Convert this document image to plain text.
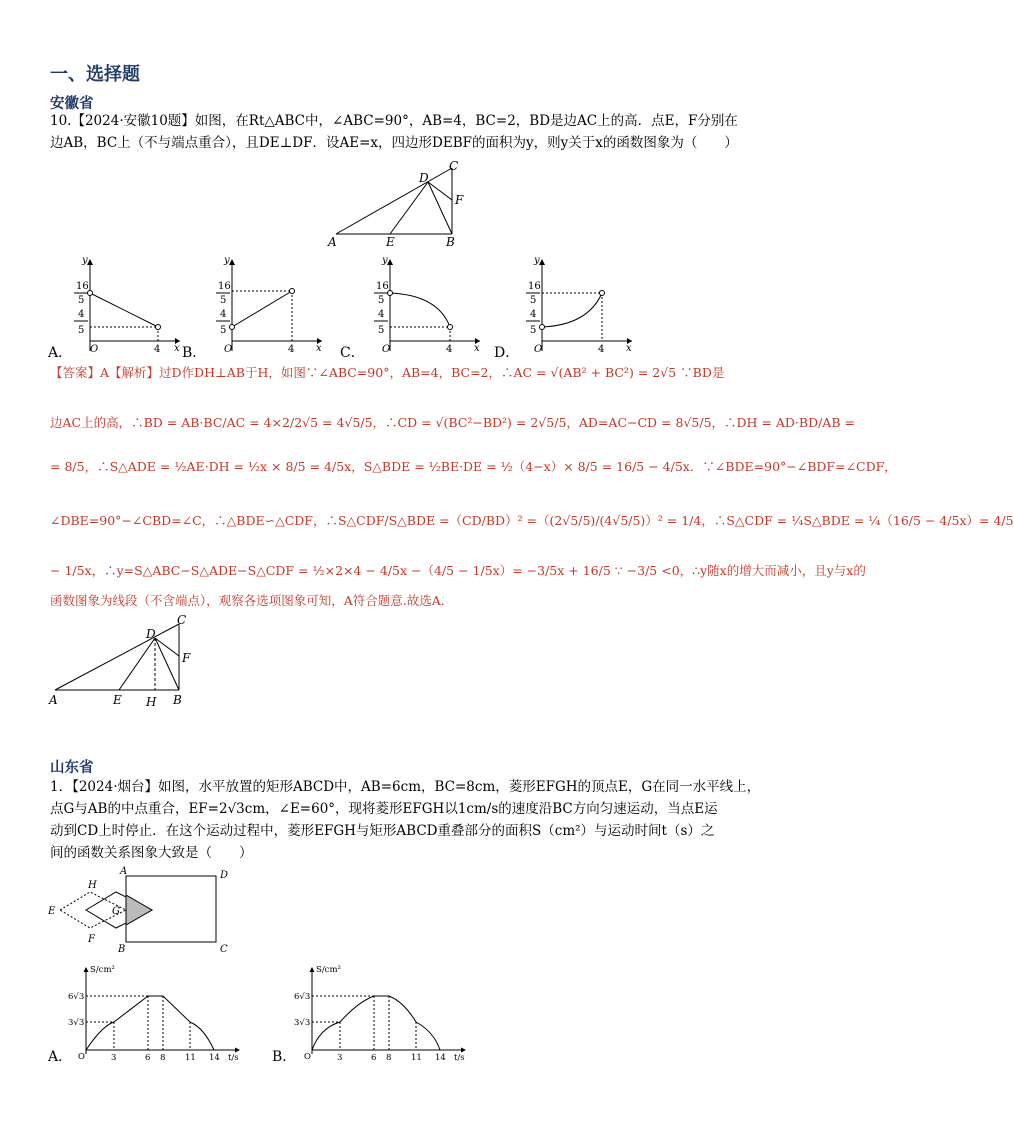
一、选择题
安徽省
10.【2024·安徽10题】如图，在Rt△ABC中，∠ABC=90°，AB=4，BC=2，BD是边AC上的高．点E，F分别在
边AB，BC上（不与端点重合），且DE⊥DF．设AE=x，四边形DEBF的面积为y，则y关于x的函数图象为（　　）
A	E	B
C
D
F
y
16
5
4
5
O	4 x
y
16
5
4
5
O	4 x
y
16
5
4
5
O	4 x
y
16
5
4
5
O	4 x
A．	B．	C．	D．
【答案】A【解析】过D作DH⊥AB于H，如图∵∠ABC=90°，AB=4，BC=2，∴AC = √(AB² + BC²) = 2√5 ∵BD是
边AC上的高，∴BD = AB·BC/AC = 4×2/2√5 = 4√5/5，∴CD = √(BC²−BD²) = 2√5/5，AD=AC−CD = 8√5/5，∴DH = AD·BD/AB =
= 8/5，∴S△ADE = ½AE·DH = ½x × 8/5 = 4/5x，S△BDE = ½BE·DE = ½（4−x）× 8/5 = 16/5 − 4/5x．∵∠BDE=90°−∠BDF=∠CDF，
∠DBE=90°−∠CBD=∠C，∴△BDE∽△CDF，∴S△CDF/S△BDE =（CD/BD）² =（(2√5/5)/(4√5/5)）² = 1/4，∴S△CDF = ¼S△BDE = ¼（16/5 − 4/5x）= 4/5
− 1/5x，∴y=S△ABC−S△ADE−S△CDF = ½×2×4 − 4/5x −（4/5 − 1/5x）= −3/5x + 16/5 ∵ −3/5 <0，∴y随x的增大而减小，且y与x的
函数图象为线段（不含端点），观察各选项图象可知，A符合题意.故选A．
A	E H B
C
D
F
山东省
1．【2024·烟台】如图，水平放置的矩形ABCD中，AB=6cm，BC=8cm，菱形EFGH的顶点E，G在同一水平线上，
点G与AB的中点重合，EF=2√3cm，∠E=60°，现将菱形EFGH以1cm/s的速度沿BC方向匀速运动，当点E运
动到CD上时停止．在这个运动过程中，菱形EFGH与矩形ABCD重叠部分的面积S（cm²）与运动时间t（s）之
间的函数关系图象大致是（　　）
A
B	C
D
E
F
G
H
S/cm²
6√3
3√3
O	3	6 8 11 14 t/s
S/cm²
6√3
3√3
O	3	6 8 11 14 t/s
A．	B．
